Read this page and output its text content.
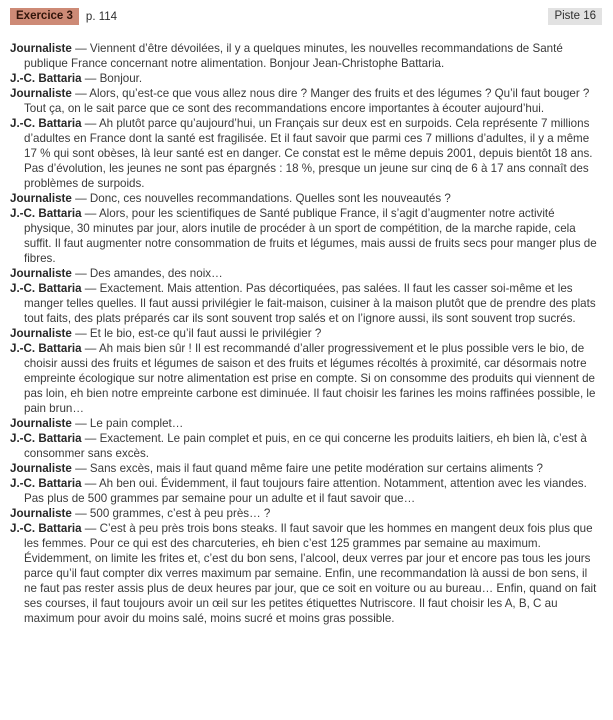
Exercice 3	p. 114	Piste 16

Journaliste — Viennent d’être dévoilées, il y a quelques minutes, les nouvelles recommandations de Santé publique France concernant notre alimentation. Bonjour Jean-Christophe Battaria.

J.-C. Battaria — Bonjour.

Journaliste — Alors, qu’est-ce que vous allez nous dire ? Manger des fruits et des légumes ? Qu’il faut bouger ? Tout ça, on le sait parce que ce sont des recommandations encore importantes à écouter aujourd’hui.

J.-C. Battaria — Ah plutôt parce qu’aujourd’hui, un Français sur deux est en surpoids. Cela représente 7 millions d’adultes en France dont la santé est fragilisée. Et il faut savoir que parmi ces 7 millions d’adultes, il y a même 17 % qui sont obèses, là leur santé est en danger. Ce constat est le même depuis 2001, depuis bientôt 18 ans. Pas d’évolution, les jeunes ne sont pas épargnés : 18 %, presque un jeune sur cinq de 6 à 17 ans connaît des problèmes de surpoids.

Journaliste — Donc, ces nouvelles recommandations. Quelles sont les nouveautés ?

J.-C. Battaria — Alors, pour les scientifiques de Santé publique France, il s’agit d’augmenter notre activité physique, 30 minutes par jour, alors inutile de procéder à un sport de compétition, de la marche rapide, cela suffit. Il faut augmenter notre consommation de fruits et légumes, mais aussi de fruits secs pour manger plus de fibres.

Journaliste — Des amandes, des noix…

J.-C. Battaria — Exactement. Mais attention. Pas décortiquées, pas salées. Il faut les casser soi-même et les manger telles quelles. Il faut aussi privilégier le fait-maison, cuisiner à la maison plutôt que de prendre des plats tout faits, des plats préparés car ils sont souvent trop salés et on l’ignore aussi, ils sont souvent trop sucrés.

Journaliste — Et le bio, est-ce qu’il faut aussi le privilégier ?

J.-C. Battaria — Ah mais bien sûr ! Il est recommandé d’aller progressivement et le plus possible vers le bio, de choisir aussi des fruits et légumes de saison et des fruits et légumes récoltés à proximité, car désormais notre empreinte écologique sur notre alimentation est prise en compte. Si on consomme des produits qui viennent de pas loin, eh bien notre empreinte carbone est diminuée. Il faut choisir les farines les moins raffinées possible, le pain brun…

Journaliste — Le pain complet…

J.-C. Battaria — Exactement. Le pain complet et puis, en ce qui concerne les produits laitiers, eh bien là, c’est à consommer sans excès.

Journaliste — Sans excès, mais il faut quand même faire une petite modération sur certains aliments ?

J.-C. Battaria — Ah ben oui. Évidemment, il faut toujours faire attention. Notamment, attention avec les viandes. Pas plus de 500 grammes par semaine pour un adulte et il faut savoir que…

Journaliste — 500 grammes, c’est à peu près… ?

J.-C. Battaria — C’est à peu près trois bons steaks. Il faut savoir que les hommes en mangent deux fois plus que les femmes. Pour ce qui est des charcuteries, eh bien c’est 125 grammes par semaine au maximum. Évidemment, on limite les frites et, c’est du bon sens, l’alcool, deux verres par jour et encore pas tous les jours parce qu’il faut compter dix verres maximum par semaine. Enfin, une recommandation là aussi de bon sens, il ne faut pas rester assis plus de deux heures par jour, que ce soit en voiture ou au bureau… Enfin, quand on fait ses courses, il faut toujours avoir un œil sur les petites étiquettes Nutriscore. Il faut choisir les A, B, C au maximum pour avoir du moins salé, moins sucré et moins gras possible.
